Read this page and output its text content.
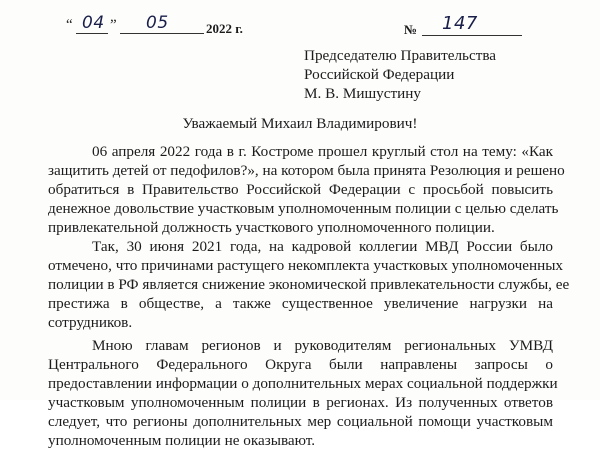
“ 04 ” 05	2022 г.	№ 147
Председателю Правительства
Российской Федерации
М. В. Мишустину
Уважаемый Михаил Владимирович!
06 апреля 2022 года в г. Костроме прошел круглый стол на тему: «Как
защитить детей от педофилов?», на котором была принята Резолюция и решено
обратиться в Правительство Российской Федерации с просьбой повысить
денежное довольствие участковым уполномоченным полиции с целью сделать
привлекательной должность участкового уполномоченного полиции.
Так, 30 июня 2021 года, на кадровой коллегии МВД России было
отмечено, что причинами растущего некомплекта участковых уполномоченных
полиции в РФ является снижение экономической привлекательности службы, ее
престижа в обществе, а также существенное увеличение нагрузки на
сотрудников.
Мною главам регионов и руководителям региональных УМВД
Центрального Федерального Округа были направлены запросы о
предоставлении информации о дополнительных мерах социальной поддержки
участковым уполномоченным полиции в регионах. Из полученных ответов
следует, что регионы дополнительных мер социальной помощи участковым
уполномоченным полиции не оказывают.
